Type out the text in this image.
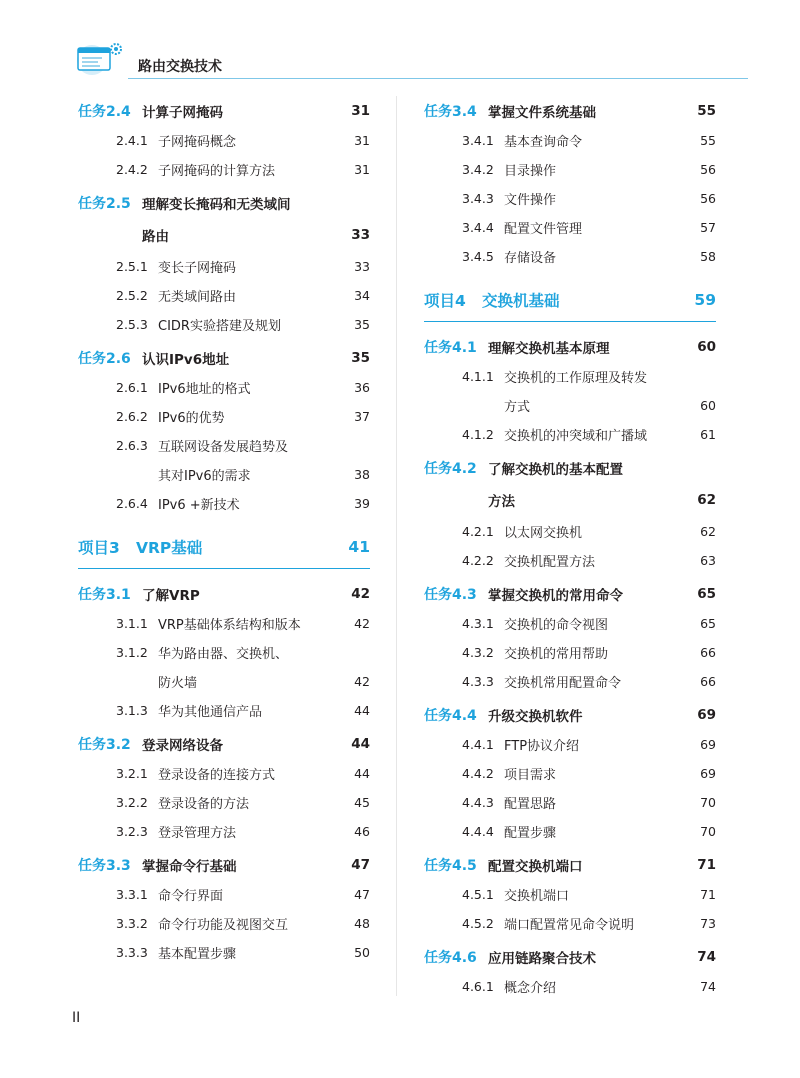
路由交换技术
任务2.4 计算子网掩码	31
2.4.1 子网掩码概念	31
2.4.2 子网掩码的计算方法	31
任务2.5 理解变长掩码和无类域间
路由	33
2.5.1 变长子网掩码	33
2.5.2 无类域间路由	34
2.5.3 CIDR实验搭建及规划	35
任务2.6 认识IPv6地址	35
2.6.1 IPv6地址的格式	36
2.6.2 IPv6的优势	37
2.6.3 互联网设备发展趋势及
其对IPv6的需求	38
2.6.4 IPv6 +新技术	39
项目3	VRP基础	41
任务3.1 了解VRP	42
3.1.1 VRP基础体系结构和版本	42
3.1.2 华为路由器、交换机、
防火墙	42
3.1.3 华为其他通信产品	44
任务3.2 登录网络设备	44
3.2.1 登录设备的连接方式	44
3.2.2 登录设备的方法	45
3.2.3 登录管理方法	46
任务3.3 掌握命令行基础	47
3.3.1 命令行界面	47
3.3.2 命令行功能及视图交互	48
3.3.3 基本配置步骤	50
任务3.4 掌握文件系统基础	55
3.4.1 基本查询命令	55
3.4.2 目录操作	56
3.4.3 文件操作	56
3.4.4 配置文件管理	57
3.4.5 存储设备	58
项目4	交换机基础	59
任务4.1 理解交换机基本原理	60
4.1.1 交换机的工作原理及转发
方式	60
4.1.2 交换机的冲突域和广播域	61
任务4.2 了解交换机的基本配置
方法	62
4.2.1 以太网交换机	62
4.2.2 交换机配置方法	63
任务4.3 掌握交换机的常用命令	65
4.3.1 交换机的命令视图	65
4.3.2 交换机的常用帮助	66
4.3.3 交换机常用配置命令	66
任务4.4 升级交换机软件	69
4.4.1 FTP协议介绍	69
4.4.2 项目需求	69
4.4.3 配置思路	70
4.4.4 配置步骤	70
任务4.5 配置交换机端口	71
4.5.1 交换机端口	71
4.5.2 端口配置常见命令说明	73
任务4.6 应用链路聚合技术	74
4.6.1 概念介绍	74
II
